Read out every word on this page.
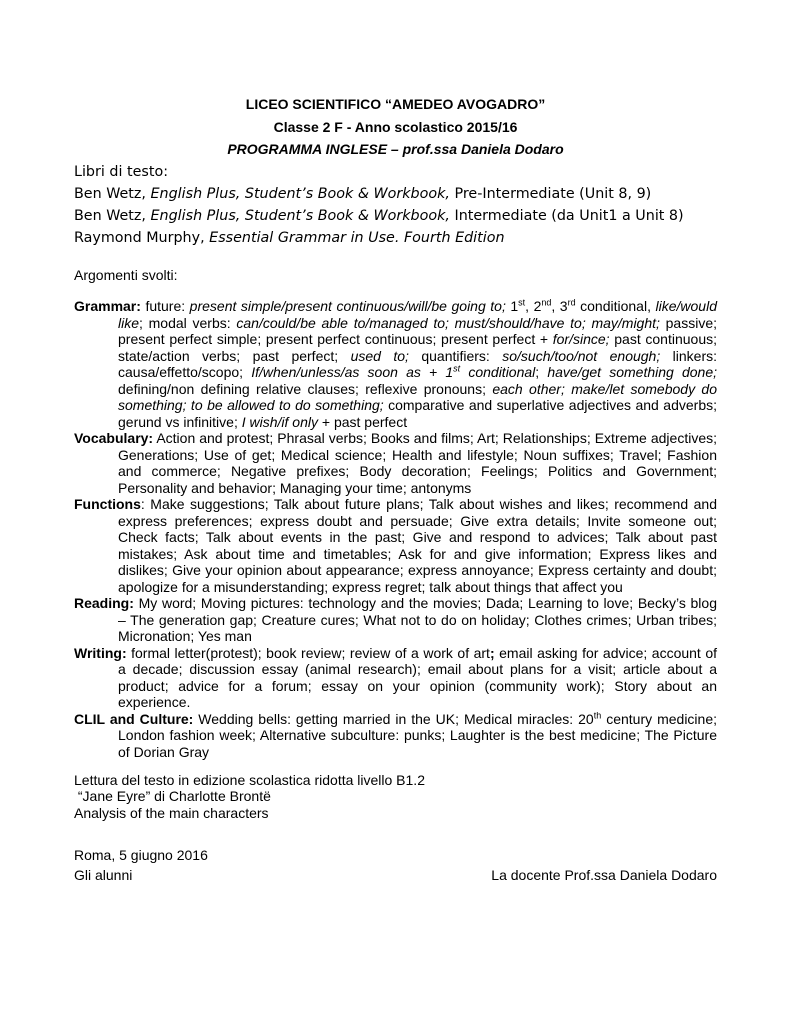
LICEO SCIENTIFICO “AMEDEO AVOGADRO”
Classe 2 F - Anno scolastico 2015/16
PROGRAMMA INGLESE – prof.ssa Daniela Dodaro
Libri di testo:
Ben Wetz, English Plus, Student’s Book & Workbook, Pre-Intermediate (Unit 8, 9)
Ben Wetz, English Plus, Student’s Book & Workbook, Intermediate (da Unit1 a Unit 8)
Raymond Murphy, Essential Grammar in Use. Fourth Edition
Argomenti svolti:

Grammar: future: present simple/present continuous/will/be going to; 1st, 2nd, 3rd conditional, like/would like; modal verbs: can/could/be able to/managed to; must/should/have to; may/might; passive; present perfect simple; present perfect continuous; present perfect + for/since; past continuous; state/action verbs; past perfect; used to; quantifiers: so/such/too/not enough; linkers: causa/effetto/scopo; If/when/unless/as soon as + 1st conditional; have/get something done; defining/non defining relative clauses; reflexive pronouns; each other; make/let somebody do something; to be allowed to do something; comparative and superlative adjectives and adverbs; gerund vs infinitive; I wish/if only + past perfect

Vocabulary: Action and protest; Phrasal verbs; Books and films; Art; Relationships; Extreme adjectives; Generations; Use of get; Medical science; Health and lifestyle; Noun suffixes; Travel; Fashion and commerce; Negative prefixes; Body decoration; Feelings; Politics and Government; Personality and behavior; Managing your time; antonyms

Functions: Make suggestions; Talk about future plans; Talk about wishes and likes; recommend and express preferences; express doubt and persuade; Give extra details; Invite someone out; Check facts; Talk about events in the past; Give and respond to advices; Talk about past mistakes; Ask about time and timetables; Ask for and give information; Express likes and dislikes; Give your opinion about appearance; express annoyance; Express certainty and doubt; apologize for a misunderstanding; express regret; talk about things that affect you

Reading: My word; Moving pictures: technology and the movies; Dada; Learning to love; Becky’s blog – The generation gap; Creature cures; What not to do on holiday; Clothes crimes; Urban tribes; Micronation; Yes man

Writing: formal letter(protest); book review; review of a work of art; email asking for advice; account of a decade; discussion essay (animal research); email about plans for a visit; article about a product; advice for a forum; essay on your opinion (community work); Story about an experience.

CLIL and Culture: Wedding bells: getting married in the UK; Medical miracles: 20th century medicine; London fashion week; Alternative subculture: punks; Laughter is the best medicine; The Picture of Dorian Gray

Lettura del testo in edizione scolastica ridotta livello B1.2
“Jane Eyre” di Charlotte Brontë
Analysis of the main characters
Roma, 5 giugno 2016
Gli alunni	La docente Prof.ssa Daniela Dodaro
